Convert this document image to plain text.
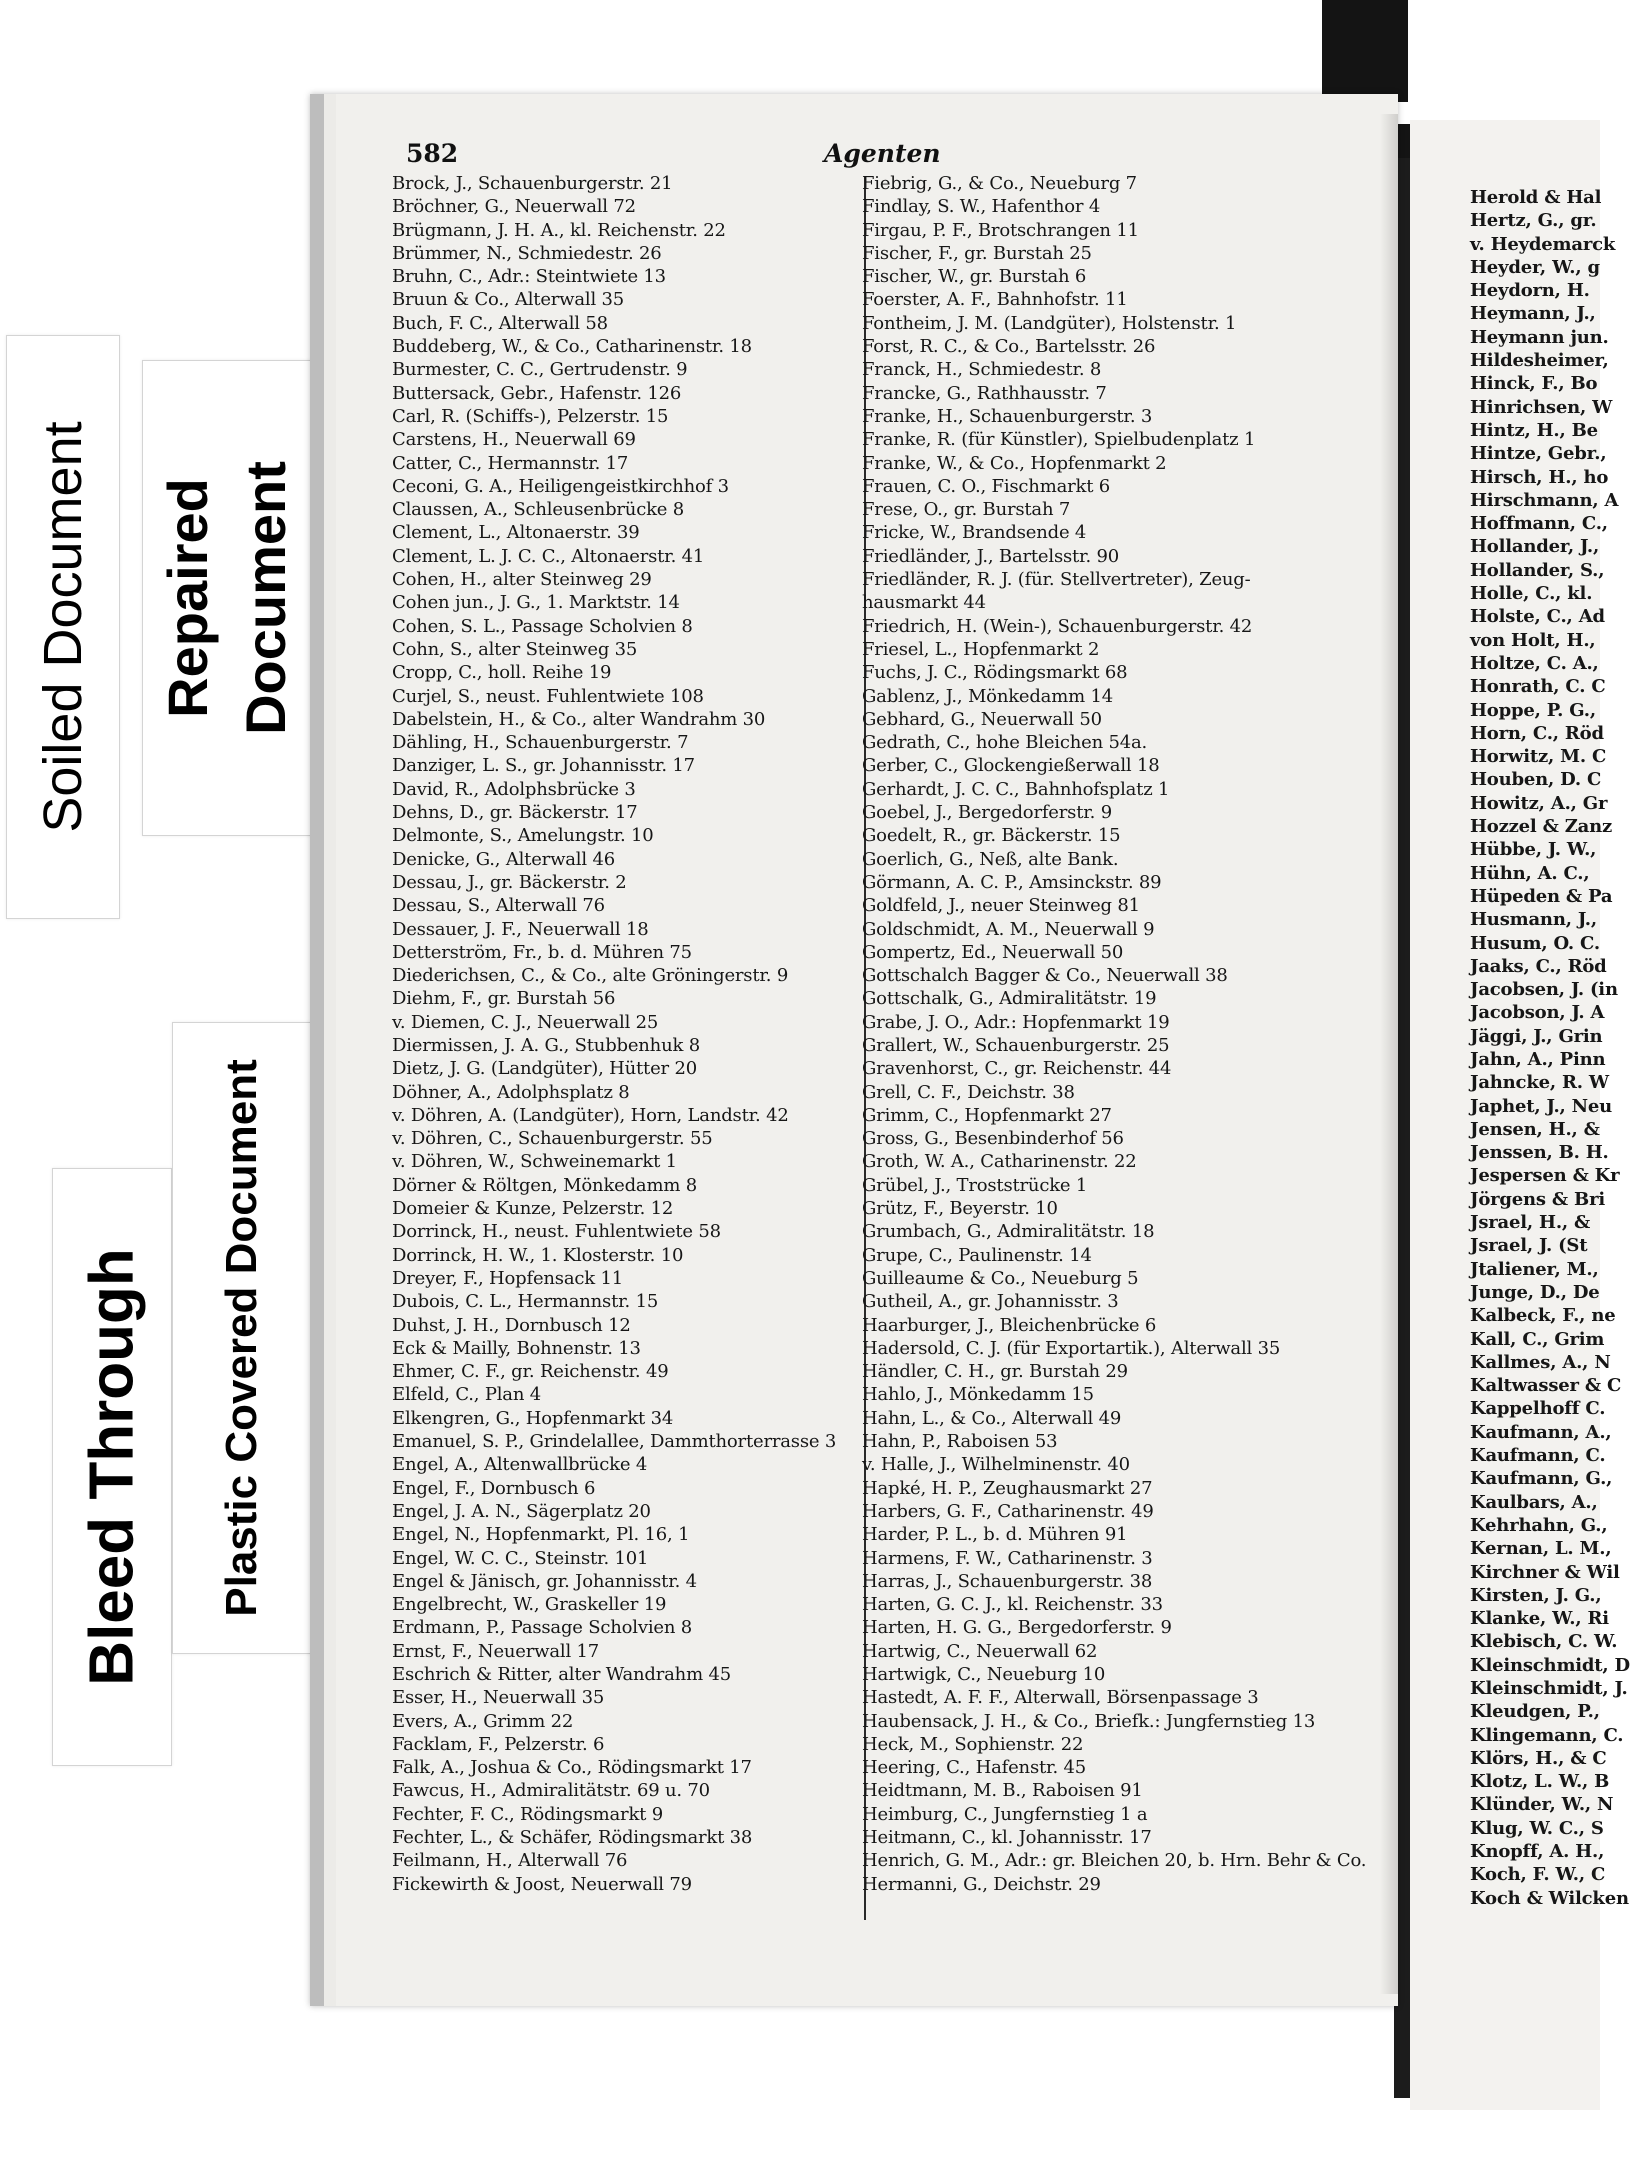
Soiled Document Repaired Document
Bleed Through Plastic Covered Document
582	Agenten
Brock, J., Schauenburgerstr. 21
Bröchner, G., Neuerwall 72
Brügmann, J. H. A., kl. Reichenstr. 22
Brümmer, N., Schmiedestr. 26
Bruhn, C., Adr.: Steintwiete 13
Bruun & Co., Alterwall 35
Buch, F. C., Alterwall 58
Buddeberg, W., & Co., Catharinenstr. 18
Burmester, C. C., Gertrudenstr. 9
Buttersack, Gebr., Hafenstr. 126
Carl, R. (Schiffs-), Pelzerstr. 15
Carstens, H., Neuerwall 69
Catter, C., Hermannstr. 17
Ceconi, G. A., Heiligengeistkirchhof 3
Claussen, A., Schleusenbrücke 8
Clement, L., Altonaerstr. 39
Clement, L. J. C. C., Altonaerstr. 41
Cohen, H., alter Steinweg 29
Cohen jun., J. G., 1. Marktstr. 14
Cohen, S. L., Passage Scholvien 8
Cohn, S., alter Steinweg 35
Cropp, C., holl. Reihe 19
Curjel, S., neust. Fuhlentwiete 108
Dabelstein, H., & Co., alter Wandrahm 30
Dähling, H., Schauenburgerstr. 7
Danziger, L. S., gr. Johannisstr. 17
David, R., Adolphsbrücke 3
Dehns, D., gr. Bäckerstr. 17
Delmonte, S., Amelungstr. 10
Denicke, G., Alterwall 46
Dessau, J., gr. Bäckerstr. 2
Dessau, S., Alterwall 76
Dessauer, J. F., Neuerwall 18
Detterström, Fr., b. d. Mühren 75
Diederichsen, C., & Co., alte Gröningerstr. 9
Diehm, F., gr. Burstah 56
v. Diemen, C. J., Neuerwall 25
Diermissen, J. A. G., Stubbenhuk 8
Dietz, J. G. (Landgüter), Hütter 20
Döhner, A., Adolphsplatz 8
v. Döhren, A. (Landgüter), Horn, Landstr. 42
v. Döhren, C., Schauenburgerstr. 55
v. Döhren, W., Schweinemarkt 1
Dörner & Röltgen, Mönkedamm 8
Domeier & Kunze, Pelzerstr. 12
Dorrinck, H., neust. Fuhlentwiete 58
Dorrinck, H. W., 1. Klosterstr. 10
Dreyer, F., Hopfensack 11
Dubois, C. L., Hermannstr. 15
Duhst, J. H., Dornbusch 12
Eck & Mailly, Bohnenstr. 13
Ehmer, C. F., gr. Reichenstr. 49
Elfeld, C., Plan 4
Elkengren, G., Hopfenmarkt 34
Emanuel, S. P., Grindelallee, Dammthorterrasse 3
Engel, A., Altenwallbrücke 4
Engel, F., Dornbusch 6
Engel, J. A. N., Sägerplatz 20
Engel, N., Hopfenmarkt, Pl. 16, 1
Engel, W. C. C., Steinstr. 101
Engel & Jänisch, gr. Johannisstr. 4
Engelbrecht, W., Graskeller 19
Erdmann, P., Passage Scholvien 8
Ernst, F., Neuerwall 17
Eschrich & Ritter, alter Wandrahm 45
Esser, H., Neuerwall 35
Evers, A., Grimm 22
Facklam, F., Pelzerstr. 6
Falk, A., Joshua & Co., Rödingsmarkt 17
Fawcus, H., Admiralitätstr. 69 u. 70
Fechter, F. C., Rödingsmarkt 9
Fechter, L., & Schäfer, Rödingsmarkt 38
Feilmann, H., Alterwall 76
Fickewirth & Joost, Neuerwall 79
Fiebrig, G., & Co., Neueburg 7
Findlay, S. W., Hafenthor 4
Firgau, P. F., Brotschrangen 11
Fischer, F., gr. Burstah 25
Fischer, W., gr. Burstah 6
Foerster, A. F., Bahnhofstr. 11
Fontheim, J. M. (Landgüter), Holstenstr. 1
Forst, R. C., & Co., Bartelsstr. 26
Franck, H., Schmiedestr. 8
Francke, G., Rathhausstr. 7
Franke, H., Schauenburgerstr. 3
Franke, R. (für Künstler), Spielbudenplatz 1
Franke, W., & Co., Hopfenmarkt 2
Frauen, C. O., Fischmarkt 6
Frese, O., gr. Burstah 7
Fricke, W., Brandsende 4
Friedländer, J., Bartelsstr. 90
Friedländer, R. J. (für. Stellvertreter), Zeug-
hausmarkt 44
Friedrich, H. (Wein-), Schauenburgerstr. 42
Friesel, L., Hopfenmarkt 2
Fuchs, J. C., Rödingsmarkt 68
Gablenz, J., Mönkedamm 14
Gebhard, G., Neuerwall 50
Gedrath, C., hohe Bleichen 54a.
Gerber, C., Glockengießerwall 18
Gerhardt, J. C. C., Bahnhofsplatz 1
Goebel, J., Bergedorferstr. 9
Goedelt, R., gr. Bäckerstr. 15
Goerlich, G., Neß, alte Bank.
Görmann, A. C. P., Amsinckstr. 89
Goldfeld, J., neuer Steinweg 81
Goldschmidt, A. M., Neuerwall 9
Gompertz, Ed., Neuerwall 50
Gottschalch Bagger & Co., Neuerwall 38
Gottschalk, G., Admiralitätstr. 19
Grabe, J. O., Adr.: Hopfenmarkt 19
Grallert, W., Schauenburgerstr. 25
Gravenhorst, C., gr. Reichenstr. 44
Grell, C. F., Deichstr. 38
Grimm, C., Hopfenmarkt 27
Gross, G., Besenbinderhof 56
Groth, W. A., Catharinenstr. 22
Grübel, J., Troststrücke 1
Grütz, F., Beyerstr. 10
Grumbach, G., Admiralitätstr. 18
Grupe, C., Paulinenstr. 14
Guilleaume & Co., Neueburg 5
Gutheil, A., gr. Johannisstr. 3
Haarburger, J., Bleichenbrücke 6
Hadersold, C. J. (für Exportartik.), Alterwall 35
Händler, C. H., gr. Burstah 29
Hahlo, J., Mönkedamm 15
Hahn, L., & Co., Alterwall 49
Hahn, P., Raboisen 53
v. Halle, J., Wilhelminenstr. 40
Hapké, H. P., Zeughausmarkt 27
Harbers, G. F., Catharinenstr. 49
Harder, P. L., b. d. Mühren 91
Harmens, F. W., Catharinenstr. 3
Harras, J., Schauenburgerstr. 38
Harten, G. C. J., kl. Reichenstr. 33
Harten, H. G. G., Bergedorferstr. 9
Hartwig, C., Neuerwall 62
Hartwigk, C., Neueburg 10
Hastedt, A. F. F., Alterwall, Börsenpassage 3
Haubensack, J. H., & Co., Briefk.: Jungfernstieg 13
Heck, M., Sophienstr. 22
Heering, C., Hafenstr. 45
Heidtmann, M. B., Raboisen 91
Heimburg, C., Jungfernstieg 1 a
Heitmann, C., kl. Johannisstr. 17
Henrich, G. M., Adr.: gr. Bleichen 20, b. Hrn. Behr & Co.
Hermanni, G., Deichstr. 29
Herold & Hal
Hertz, G., gr.
v. Heydemarck
Heyder, W., g
Heydorn, H.
Heymann, J.,
Heymann jun.
Hildesheimer,
Hinck, F., Bo
Hinrichsen, W
Hintz, H., Be
Hintze, Gebr.,
Hirsch, H., ho
Hirschmann, A
Hoffmann, C.,
Hollander, J.,
Hollander, S.,
Holle, C., kl.
Holste, C., Ad
von Holt, H.,
Holtze, C. A.,
Honrath, C. C
Hoppe, P. G.,
Horn, C., Röd
Horwitz, M. C
Houben, D. C
Howitz, A., Gr
Hozzel & Zanz
Hübbe, J. W.,
Hühn, A. C.,
Hüpeden & Pa
Husmann, J.,
Husum, O. C.
Jaaks, C., Röd
Jacobsen, J. (in
Jacobson, J. A
Jäggi, J., Grin
Jahn, A., Pinn
Jahncke, R. W
Japhet, J., Neu
Jensen, H., &
Jenssen, B. H.
Jespersen & Kr
Jörgens & Bri
Jsrael, H., &
Jsrael, J. (St
Jtaliener, M.,
Junge, D., De
Kalbeck, F., ne
Kall, C., Grim
Kallmes, A., N
Kaltwasser & C
Kappelhoff C.
Kaufmann, A.,
Kaufmann, C.
Kaufmann, G.,
Kaulbars, A.,
Kehrhahn, G.,
Kernan, L. M.,
Kirchner & Wil
Kirsten, J. G.,
Klanke, W., Ri
Klebisch, C. W.
Kleinschmidt, D
Kleinschmidt, J.
Kleudgen, P.,
Klingemann, C.
Klörs, H., & C
Klotz, L. W., B
Klünder, W., N
Klug, W. C., S
Knopff, A. H.,
Koch, F. W., C
Koch & Wilcken
